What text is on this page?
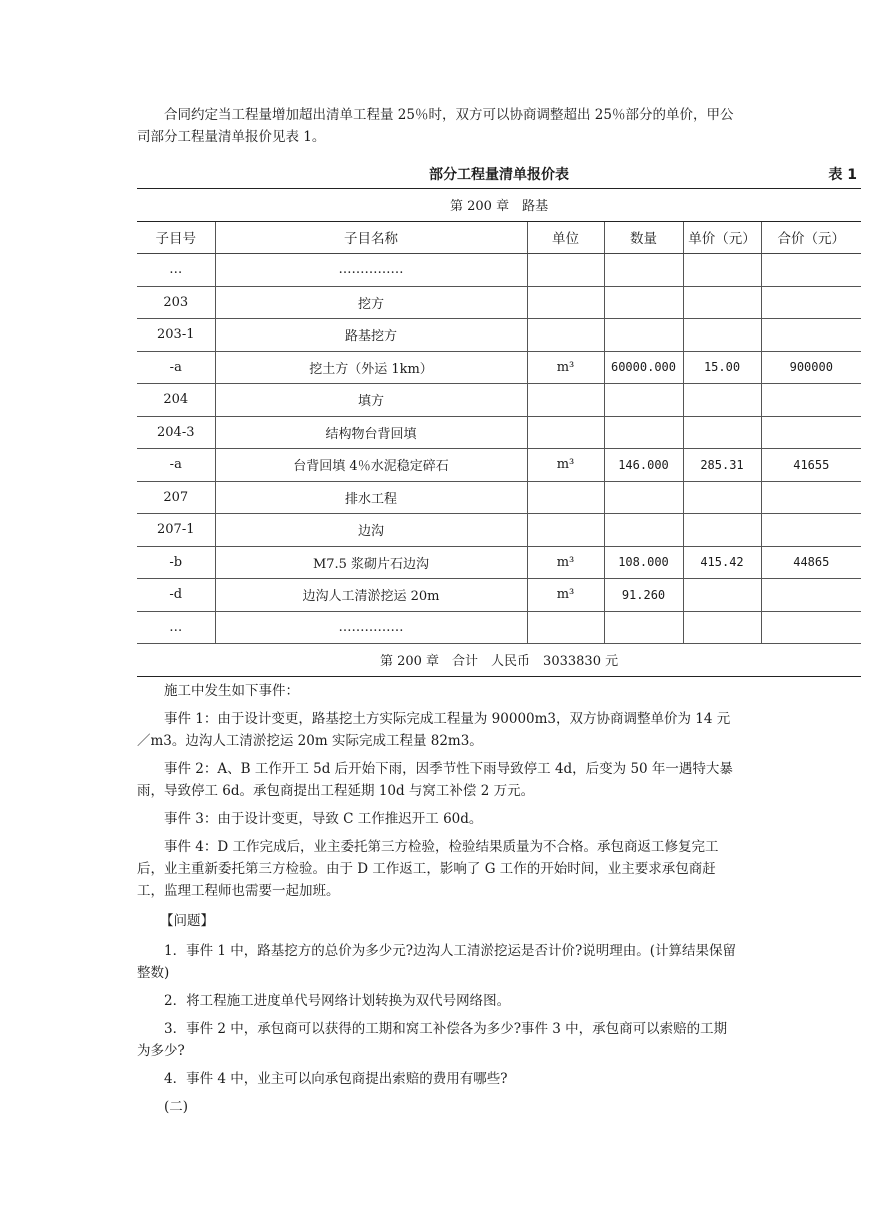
合同约定当工程量增加超出清单工程量 25％时，双方可以协商调整超出 25％部分的单价，甲公司部分工程量清单报价见表 1。

部分工程量清单报价表	表 1
第 200 章　路基					
子目号	子目名称	单位	数量	单价（元）	合价（元）
…	……………				
203	挖方				
203-1	路基挖方				
-a	挖土方（外运 1km）	m³	60000.000	15.00	900000
204	填方				
204-3	结构物台背回填				
-a	台背回填 4％水泥稳定碎石	m³	146.000	285.31	41655
207	排水工程				
207-1	边沟				
-b	M7.5 浆砌片石边沟	m³	108.000	415.42	44865
-d	边沟人工清淤挖运 20m	m³	91.260		
…	……………				
第 200 章　合计　人民币　3033830 元					

施工中发生如下事件：

事件 1：由于设计变更，路基挖土方实际完成工程量为 90000m3，双方协商调整单价为 14 元／m3。边沟人工清淤挖运 20m 实际完成工程量 82m3。

事件 2：A、B 工作开工 5d 后开始下雨，因季节性下雨导致停工 4d，后变为 50 年一遇特大暴雨，导致停工 6d。承包商提出工程延期 10d 与窝工补偿 2 万元。

事件 3：由于设计变更，导致 C 工作推迟开工 60d。

事件 4：D 工作完成后，业主委托第三方检验，检验结果质量为不合格。承包商返工修复完工后，业主重新委托第三方检验。由于 D 工作返工，影响了 G 工作的开始时间，业主要求承包商赶工，监理工程师也需要一起加班。

【问题】

1．事件 1 中，路基挖方的总价为多少元?边沟人工清淤挖运是否计价?说明理由。(计算结果保留整数)

2．将工程施工进度单代号网络计划转换为双代号网络图。

3．事件 2 中，承包商可以获得的工期和窝工补偿各为多少?事件 3 中，承包商可以索赔的工期为多少?

4．事件 4 中，业主可以向承包商提出索赔的费用有哪些?

(二)
